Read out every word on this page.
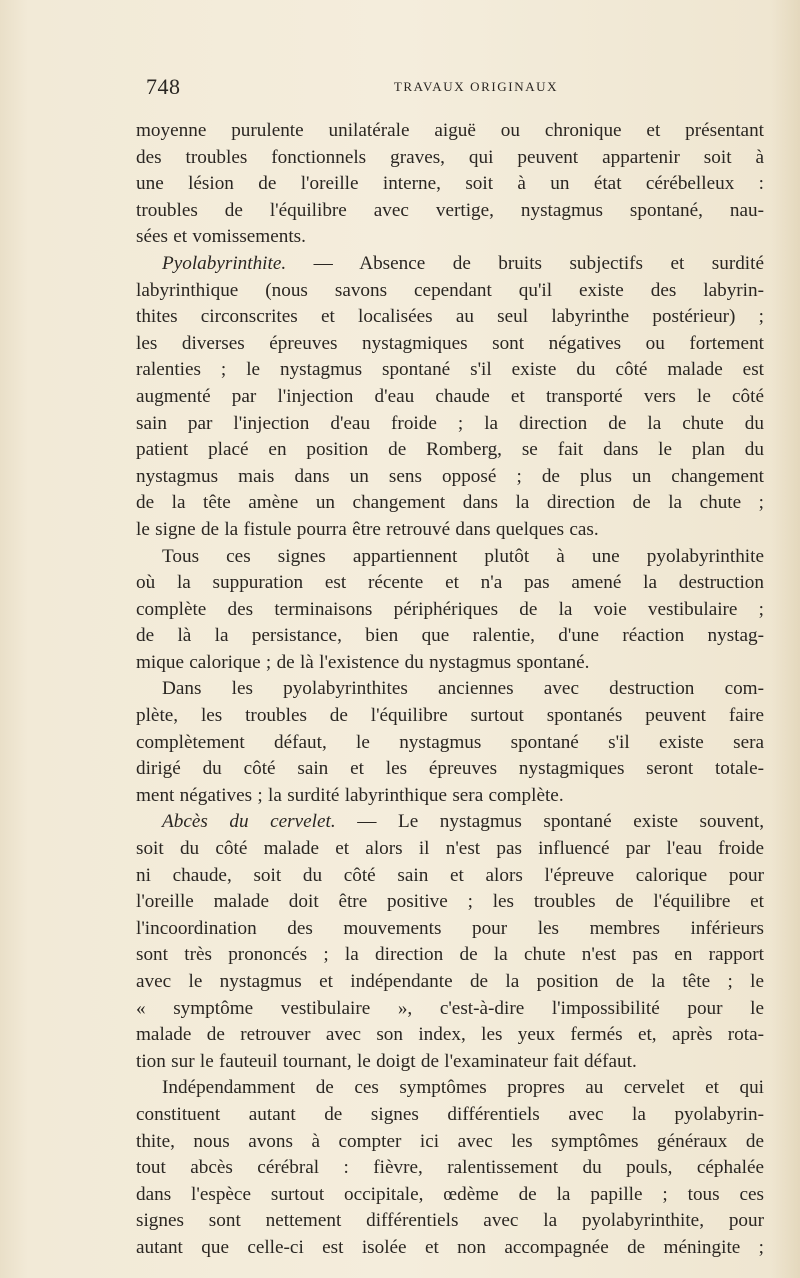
748	TRAVAUX ORIGINAUX
moyenne purulente unilatérale aiguë ou chronique et présentant
des troubles fonctionnels graves, qui peuvent appartenir soit à
une lésion de l'oreille interne, soit à un état cérébelleux :
troubles de l'équilibre avec vertige, nystagmus spontané, nau-
sées et vomissements.
Pyolabyrinthite. — Absence de bruits subjectifs et surdité
labyrinthique (nous savons cependant qu'il existe des labyrin-
thites circonscrites et localisées au seul labyrinthe postérieur) ;
les diverses épreuves nystagmiques sont négatives ou fortement
ralenties ; le nystagmus spontané s'il existe du côté malade est
augmenté par l'injection d'eau chaude et transporté vers le côté
sain par l'injection d'eau froide ; la direction de la chute du
patient placé en position de Romberg, se fait dans le plan du
nystagmus mais dans un sens opposé ; de plus un changement
de la tête amène un changement dans la direction de la chute ;
le signe de la fistule pourra être retrouvé dans quelques cas.
Tous ces signes appartiennent plutôt à une pyolabyrinthite
où la suppuration est récente et n'a pas amené la destruction
complète des terminaisons périphériques de la voie vestibulaire ;
de là la persistance, bien que ralentie, d'une réaction nystag-
mique calorique ; de là l'existence du nystagmus spontané.
Dans les pyolabyrinthites anciennes avec destruction com-
plète, les troubles de l'équilibre surtout spontanés peuvent faire
complètement défaut, le nystagmus spontané s'il existe sera
dirigé du côté sain et les épreuves nystagmiques seront totale-
ment négatives ; la surdité labyrinthique sera complète.
Abcès du cervelet. — Le nystagmus spontané existe souvent,
soit du côté malade et alors il n'est pas influencé par l'eau froide
ni chaude, soit du côté sain et alors l'épreuve calorique pour
l'oreille malade doit être positive ; les troubles de l'équilibre et
l'incoordination des mouvements pour les membres inférieurs
sont très prononcés ; la direction de la chute n'est pas en rapport
avec le nystagmus et indépendante de la position de la tête ; le
« symptôme vestibulaire », c'est-à-dire l'impossibilité pour le
malade de retrouver avec son index, les yeux fermés et, après rota-
tion sur le fauteuil tournant, le doigt de l'examinateur fait défaut.
Indépendamment de ces symptômes propres au cervelet et qui
constituent autant de signes différentiels avec la pyolabyrin-
thite, nous avons à compter ici avec les symptômes généraux de
tout abcès cérébral : fièvre, ralentissement du pouls, céphalée
dans l'espèce surtout occipitale, œdème de la papille ; tous ces
signes sont nettement différentiels avec la pyolabyrinthite, pour
autant que celle-ci est isolée et non accompagnée de méningite ;
